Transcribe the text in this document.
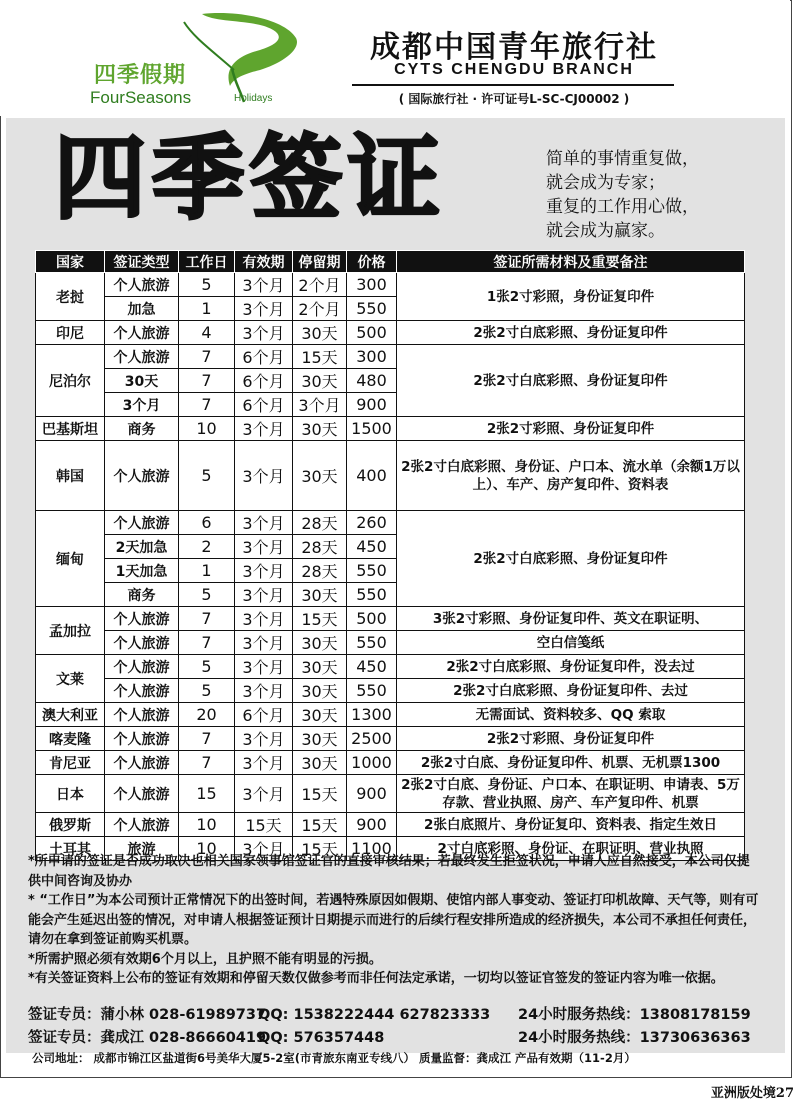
四季假期
FourSeasons	Holidays
成都中国青年旅行社
CYTS CHENGDU BRANCH
( 国际旅行社 · 许可证号L-SC-CJ00002 )
四季签证	简单的事情重复做，
就会成为专家；
重复的工作用心做，
就会成为赢家。
国家	签证类型	工作日	有效期	停留期	价格	签证所需材料及重要备注
老挝	个人旅游	5	3个月	2个月	300	1张2寸彩照，身份证复印件
	加急	1	3个月	2个月	550	
印尼	个人旅游	4	3个月	30天	500	2张2寸白底彩照、身份证复印件
尼泊尔	个人旅游	7	6个月	15天	300	2张2寸白底彩照、身份证复印件
	30天	7	6个月	30天	480	
	3个月	7	6个月	3个月	900	
巴基斯坦	商务	10	3个月	30天	1500	2张2寸彩照、身份证复印件
韩国	个人旅游	5	3个月	30天	400	2张2寸白底彩照、身份证、户口本、流水单（余额1万以上）、车产、房产复印件、资料表
缅甸	个人旅游	6	3个月	28天	260	2张2寸白底彩照、身份证复印件
	2天加急	2	3个月	28天	450	
	1天加急	1	3个月	28天	550	
	商务	5	3个月	30天	550	
孟加拉	个人旅游	7	3个月	15天	500	3张2寸彩照、身份证复印件、英文在职证明、
	个人旅游	7	3个月	30天	550	空白信笺纸
文莱	个人旅游	5	3个月	30天	450	2张2寸白底彩照、身份证复印件，没去过
	个人旅游	5	3个月	30天	550	2张2寸白底彩照、身份证复印件、去过
澳大利亚	个人旅游	20	6个月	30天	1300	无需面试、资料较多、QQ 索取
喀麦隆	个人旅游	7	3个月	30天	2500	2张2寸彩照、身份证复印件
肯尼亚	个人旅游	7	3个月	30天	1000	2张2寸白底、身份证复印件、机票、无机票1300
日本	个人旅游	15	3个月	15天	900	2张2寸白底、身份证、户口本、在职证明、申请表、5万存款、营业执照、房产、车产复印件、机票
俄罗斯	个人旅游	10	15天	15天	900	2张白底照片、身份证复印、资料表、指定生效日
土耳其	旅游	10	3个月	15天	1100	2寸白底彩照、身份证、在职证明、营业执照

*所申请的签证是否成功取决也相关国家领事馆签证官的直接审核结果；若最终发生拒签状况，申请人应自然接受，本公司仅提供中间咨询及协办

* “工作日”为本公司预计正常情况下的出签时间，若遇特殊原因如假期、使馆内部人事变动、签证打印机故障、天气等，则有可能会产生延迟出签的情况，对申请人根据签证预计日期提示而进行的后续行程安排所造成的经济损失，本公司不承担任何责任，请勿在拿到签证前购买机票。

*所需护照必须有效期6个月以上，且护照不能有明显的污损。

*有关签证资料上公布的签证有效期和停留天数仅做参考而非任何法定承诺，一切均以签证官签发的签证内容为唯一依据。

签证专员：蒲小林 028-61989737
QQ: 1538222444 627823333 24小时服务热线：13808178159
签证专员：龚成江 028-86660419
QQ: 576357448	24小时服务热线：13730636363
公司地址： 成都市锦江区盐道街6号美华大厦5-2室(市青旅东南亚专线八） 质量监督：龚成江 产品有效期（11-2月）
亚洲版处境27
